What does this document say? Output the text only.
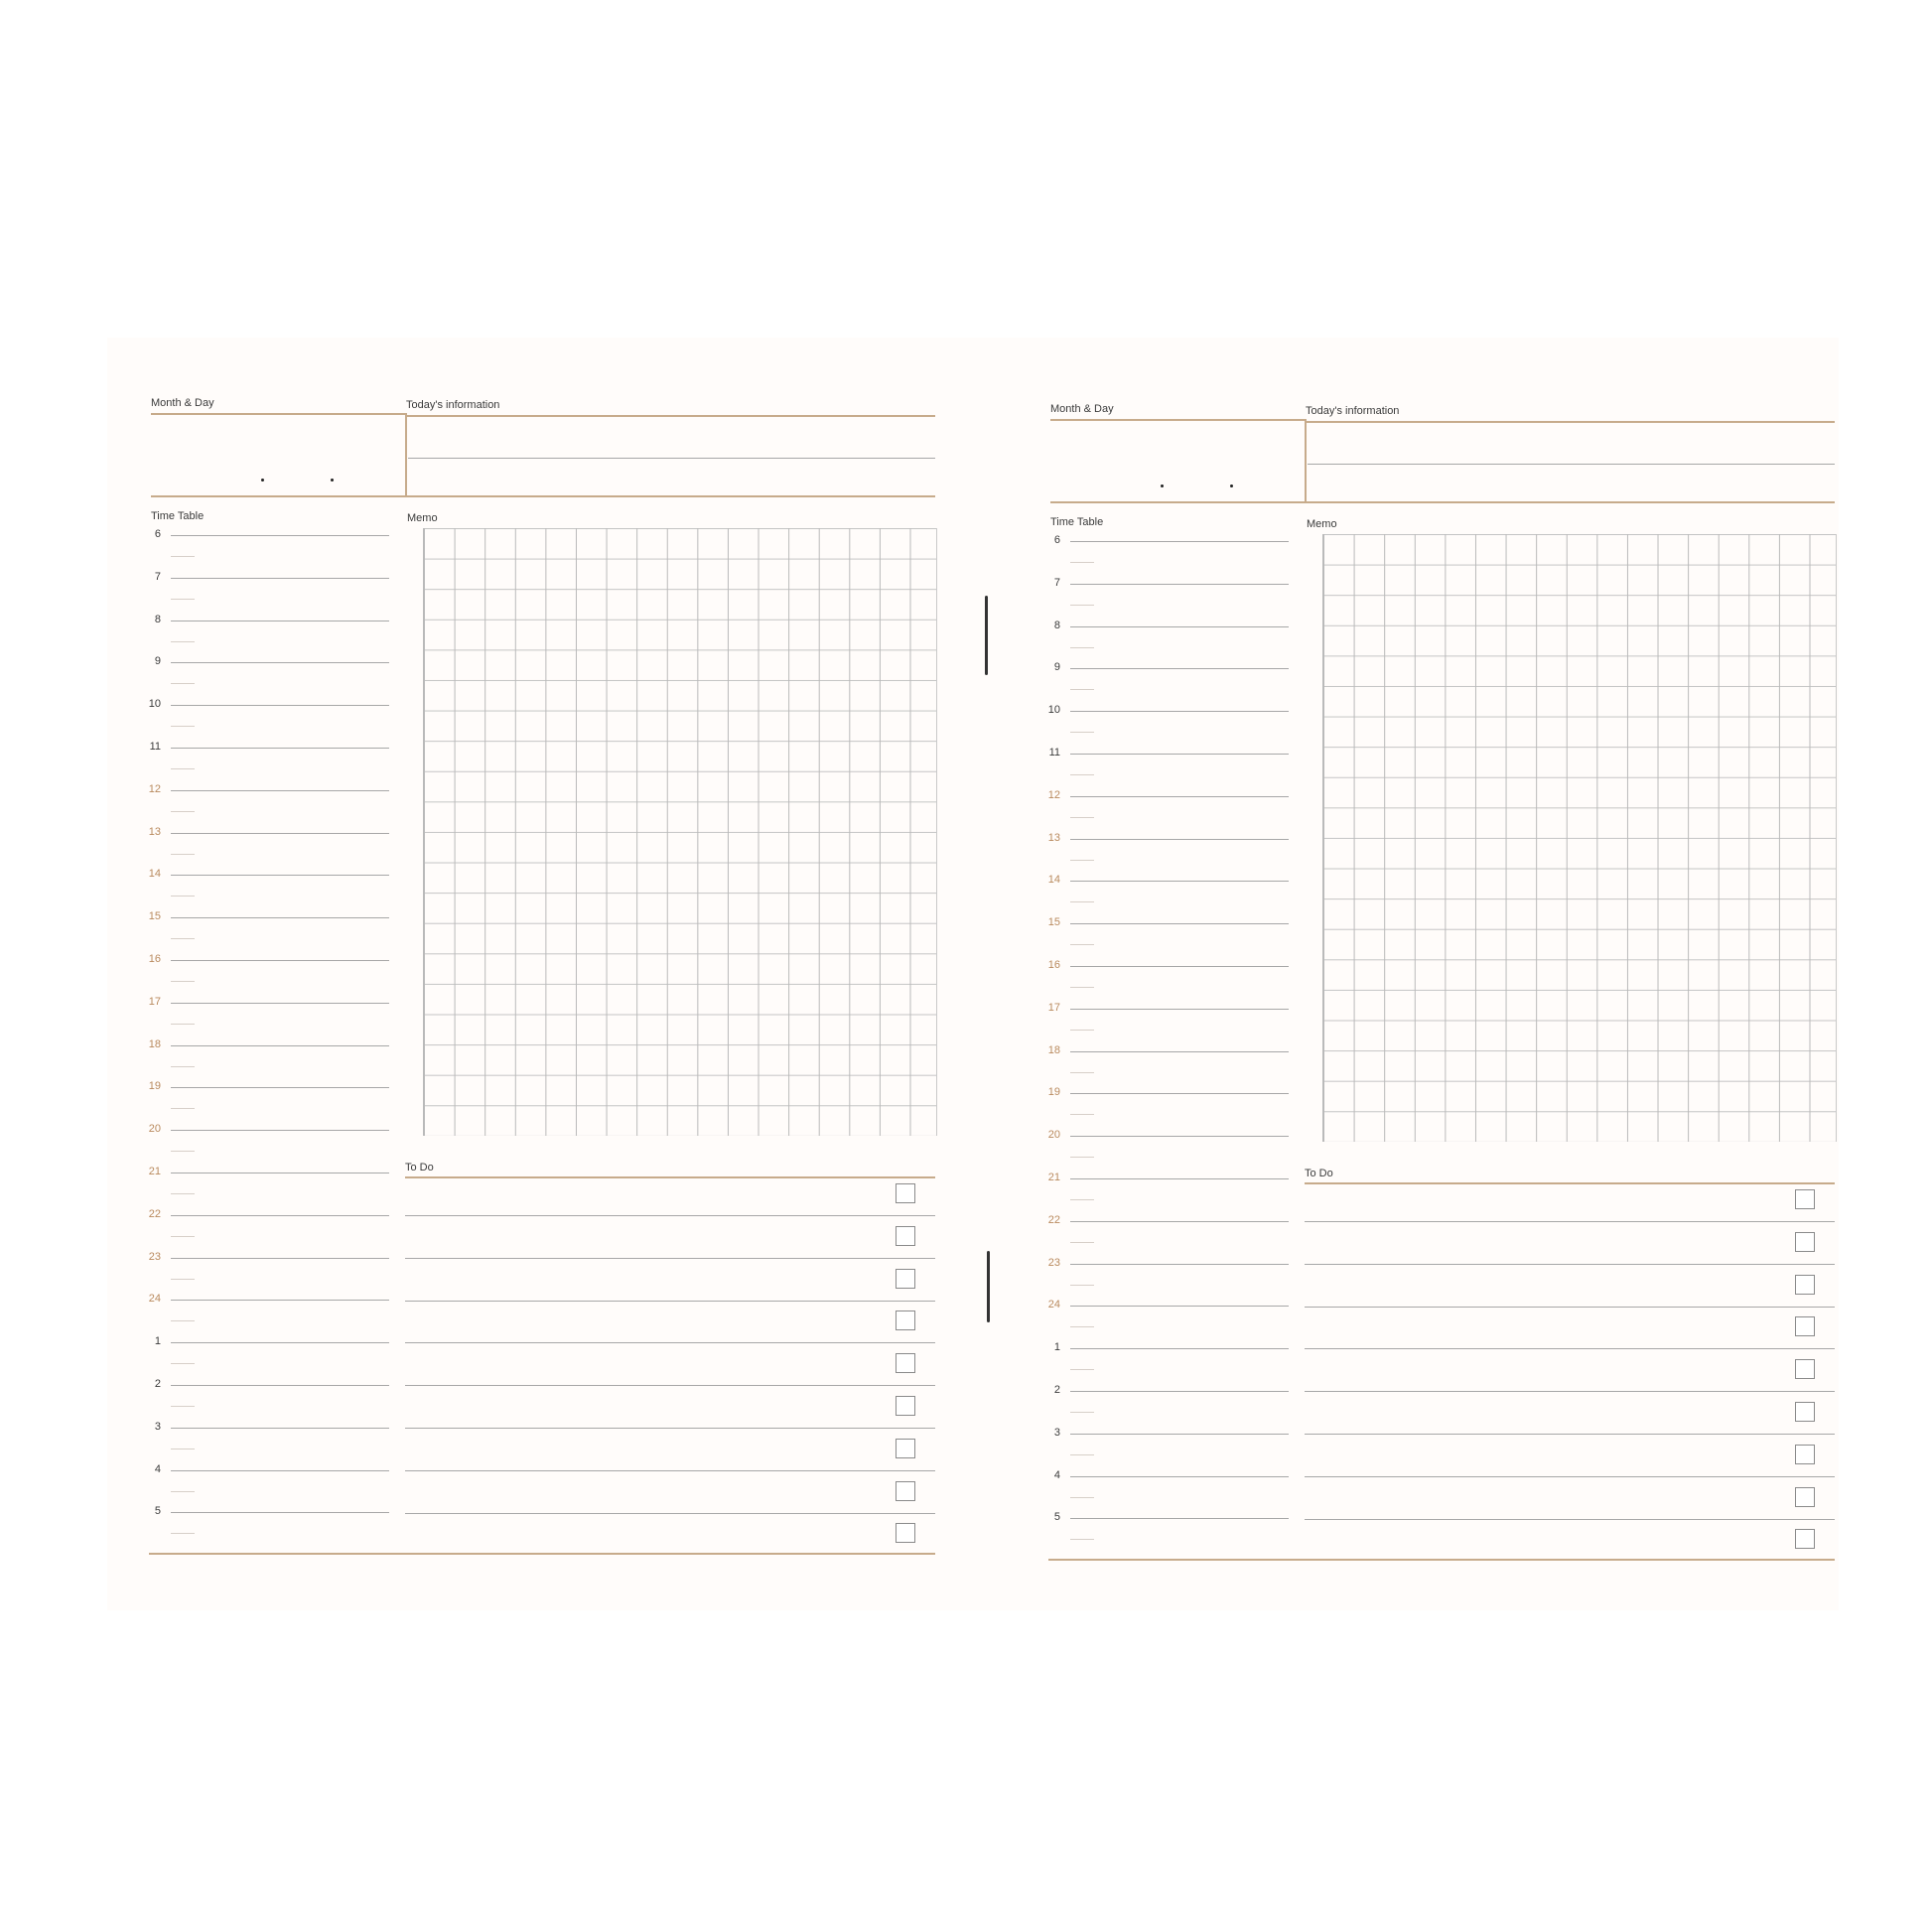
Month & Day	Today's information
Time Table
6
7
8
9
10
11
12
13
14
15
16
17
18
19
20
21
22
23
24
1
2
3
4
5
Memo
To Do
Month & Day	Today's information
Time Table
6
7
8
9
10
11
12
13
14
15
16
17
18
19
20
21
22
23
24
1
2
3
4
5
Memo
To Do
